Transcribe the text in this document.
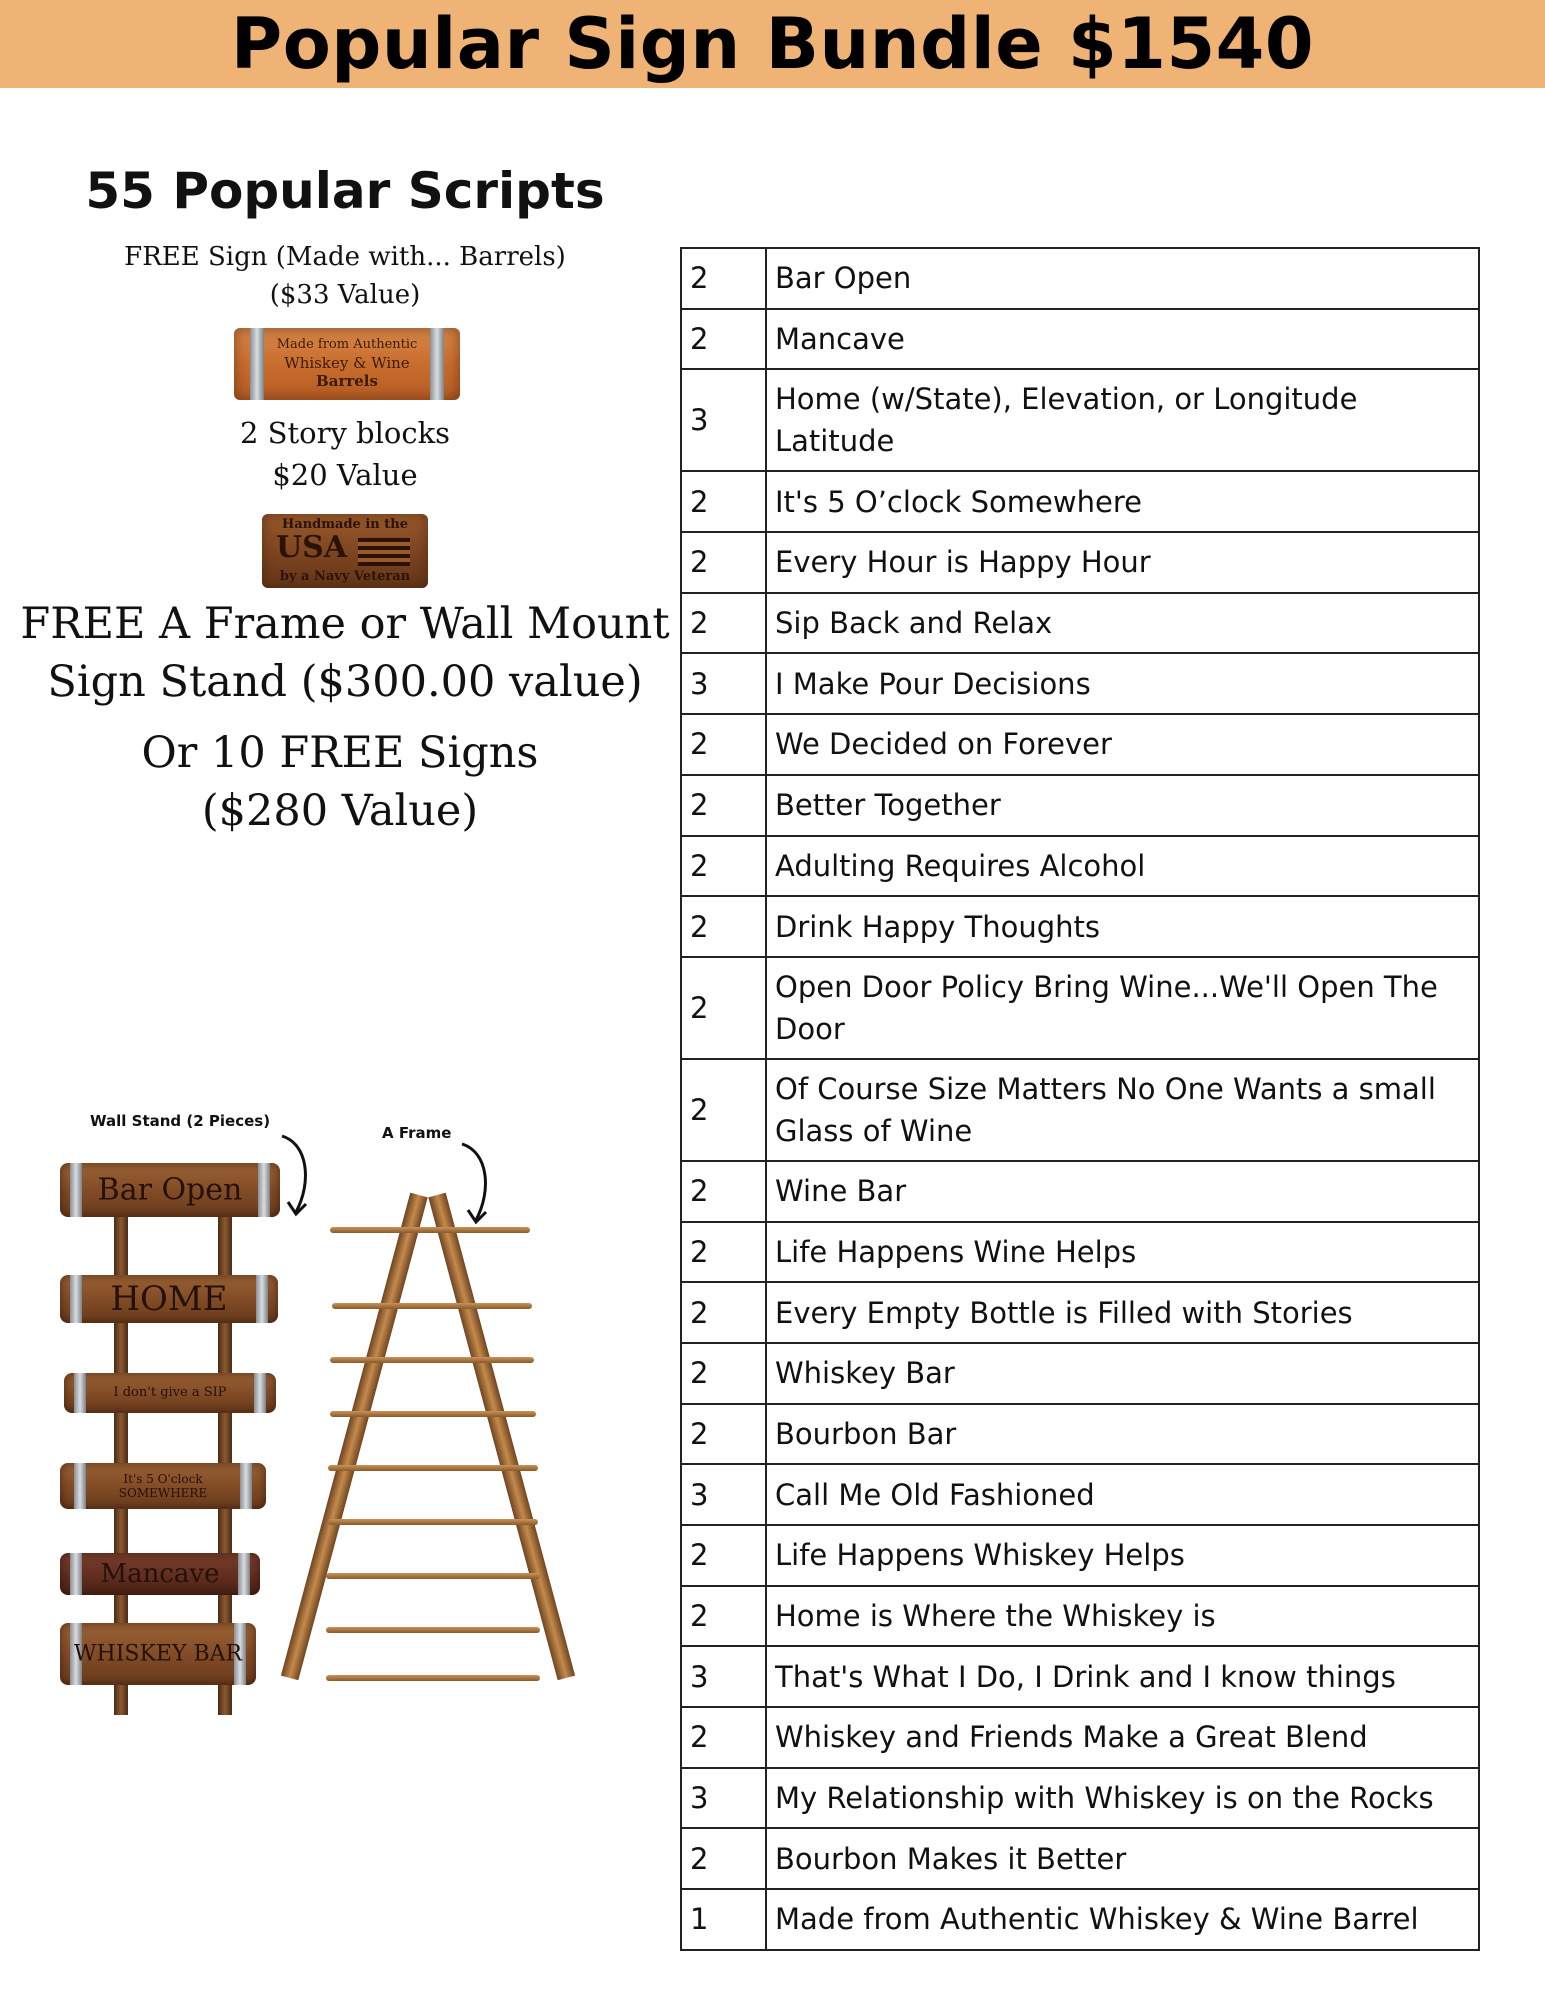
Popular Sign Bundle $1540
55 Popular Scripts
FREE Sign (Made with... Barrels)
($33 Value)
Made from Authentic
Whiskey & Wine
Barrels
2 Story blocks
$20 Value
Handmade in the
USA
by a Navy Veteran
FREE A Frame or Wall Mount
Sign Stand ($300.00 value)
Or 10 FREE Signs
($280 Value)
Wall Stand (2 Pieces)
A Frame
Bar Open
HOME
I don't give a SIP
It's 5 O'clock SOMEWHERE
Mancave
WHISKEY BAR
2	Bar Open
2	Mancave
3	Home (w/State), Elevation, or Longitude Latitude
2	It's 5 O’clock Somewhere
2	Every Hour is Happy Hour
2	Sip Back and Relax
3	I Make Pour Decisions
2	We Decided on Forever
2	Better Together
2	Adulting Requires Alcohol
2	Drink Happy Thoughts
2	Open Door Policy Bring Wine...We'll Open The Door
2	Of Course Size Matters No One Wants a small Glass of Wine
2	Wine Bar
2	Life Happens Wine Helps
2	Every Empty Bottle is Filled with Stories
2	Whiskey Bar
2	Bourbon Bar
3	Call Me Old Fashioned
2	Life Happens Whiskey Helps
2	Home is Where the Whiskey is
3	That's What I Do, I Drink and I know things
2	Whiskey and Friends Make a Great Blend
3	My Relationship with Whiskey is on the Rocks
2	Bourbon Makes it Better
1	Made from Authentic Whiskey & Wine Barrel
